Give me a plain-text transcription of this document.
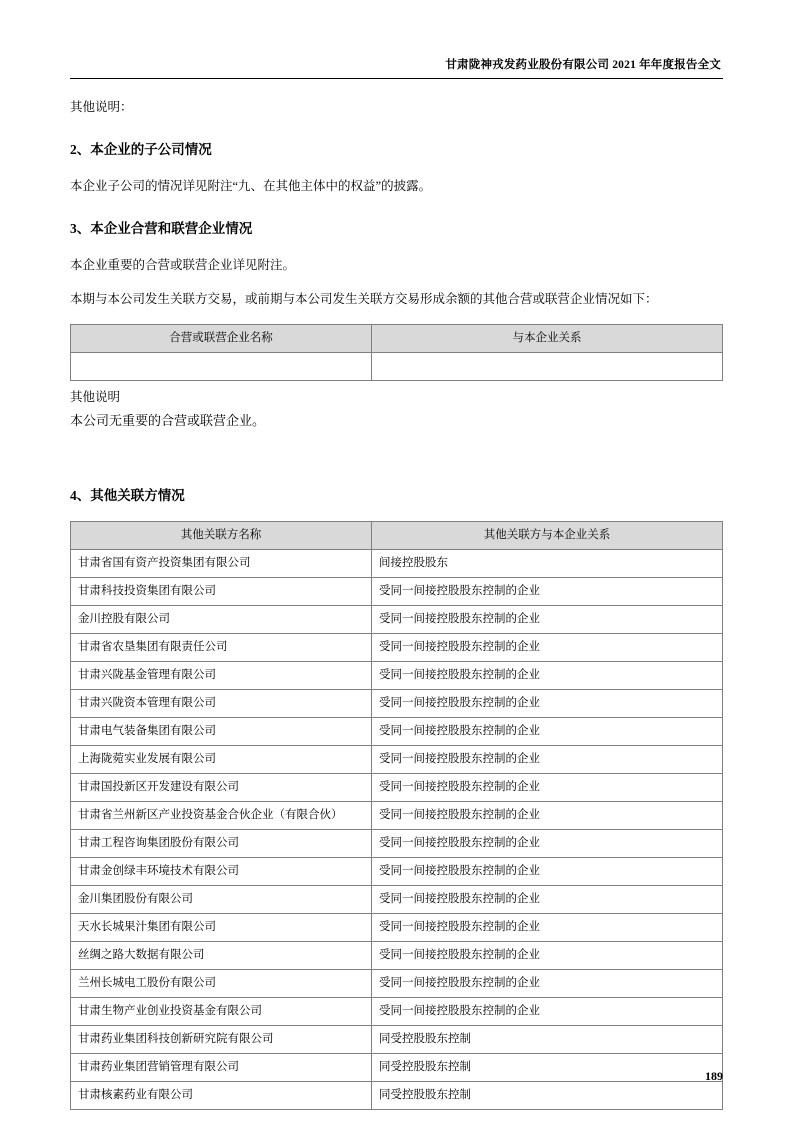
甘肃陇神戎发药业股份有限公司 2021 年年度报告全文

其他说明：

2、本企业的子公司情况

本企业子公司的情况详见附注“九、在其他主体中的权益”的披露。

3、本企业合营和联营企业情况

本企业重要的合营或联营企业详见附注。

本期与本公司发生关联方交易，或前期与本公司发生关联方交易形成余额的其他合营或联营企业情况如下：

合营或联营企业名称	与本企业关系

其他说明

本公司无重要的合营或联营企业。

4、其他关联方情况
其他关联方名称	其他关联方与本企业关系
甘肃省国有资产投资集团有限公司	间接控股股东
甘肃科技投资集团有限公司	受同一间接控股股东控制的企业
金川控股有限公司	受同一间接控股股东控制的企业
甘肃省农垦集团有限责任公司	受同一间接控股股东控制的企业
甘肃兴陇基金管理有限公司	受同一间接控股股东控制的企业
甘肃兴陇资本管理有限公司	受同一间接控股股东控制的企业
甘肃电气装备集团有限公司	受同一间接控股股东控制的企业
上海陇菀实业发展有限公司	受同一间接控股股东控制的企业
甘肃国投新区开发建设有限公司	受同一间接控股股东控制的企业
甘肃省兰州新区产业投资基金合伙企业（有限合伙）	受同一间接控股股东控制的企业
甘肃工程咨询集团股份有限公司	受同一间接控股股东控制的企业
甘肃金创绿丰环境技术有限公司	受同一间接控股股东控制的企业
金川集团股份有限公司	受同一间接控股股东控制的企业
天水长城果汁集团有限公司	受同一间接控股股东控制的企业
丝绸之路大数据有限公司	受同一间接控股股东控制的企业
兰州长城电工股份有限公司	受同一间接控股股东控制的企业
甘肃生物产业创业投资基金有限公司	受同一间接控股股东控制的企业
甘肃药业集团科技创新研究院有限公司	同受控股股东控制
甘肃药业集团营销管理有限公司	同受控股股东控制
甘肃核素药业有限公司	同受控股股东控制
189
